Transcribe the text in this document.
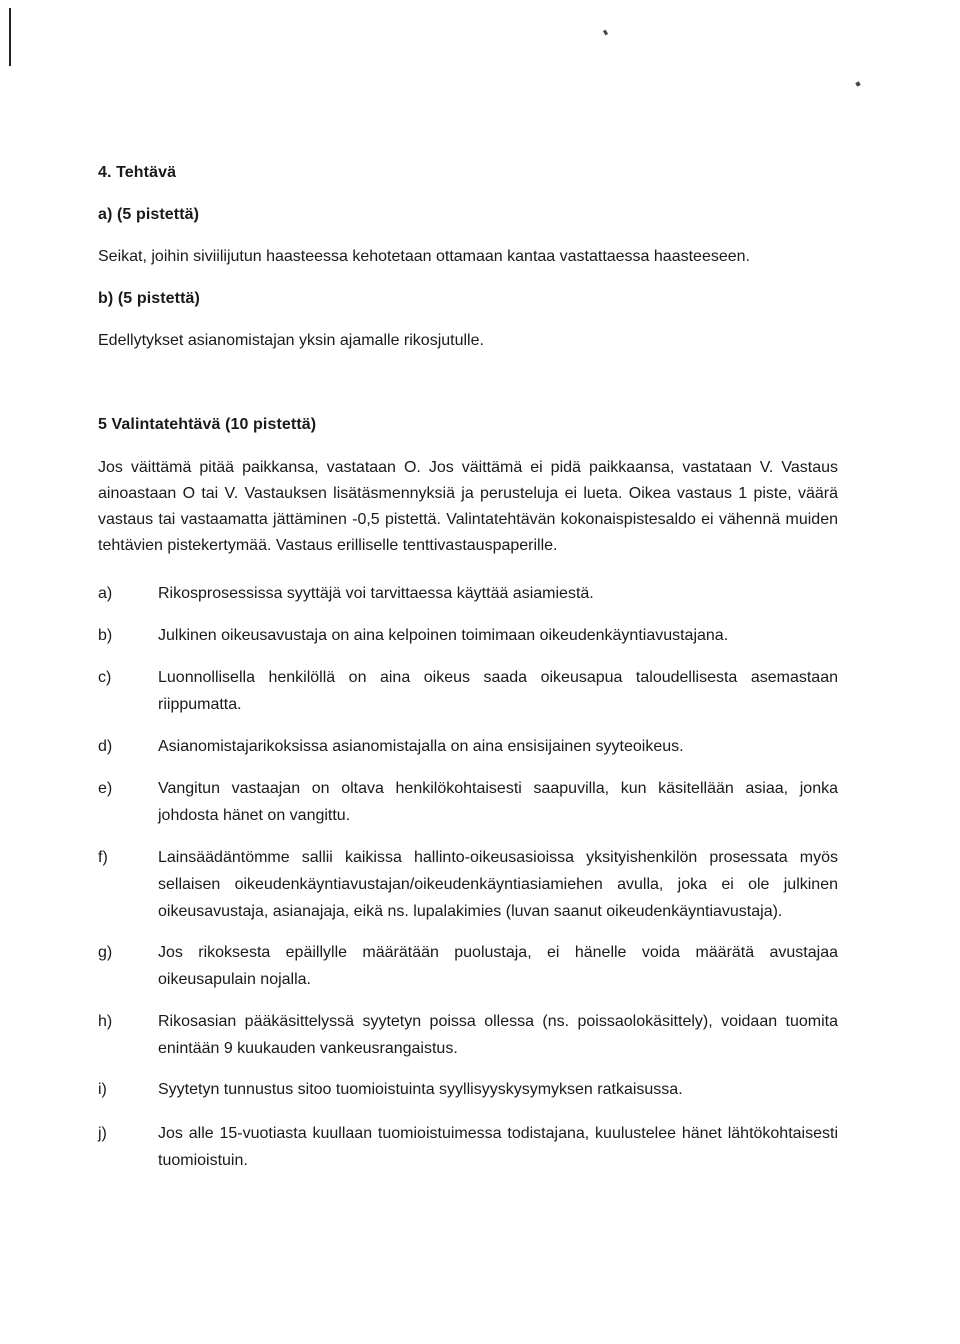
4. Tehtävä
a) (5 pistettä)
Seikat, joihin siviilijutun haasteessa kehotetaan ottamaan kantaa vastattaessa haasteeseen.
b) (5 pistettä)
Edellytykset asianomistajan yksin ajamalle rikosjutulle.
5 Valintatehtävä (10 pistettä)
Jos väittämä pitää paikkansa, vastataan O. Jos väittämä ei pidä paikkaansa, vastataan V. Vastaus ainoastaan O tai V. Vastauksen lisätäsmennyksiä ja perusteluja ei lueta. Oikea vastaus 1 piste, väärä vastaus tai vastaamatta jättäminen -0,5 pistettä. Valintatehtävän kokonaispistesaldo ei vähennä muiden tehtävien pistekertymää. Vastaus erilliselle tenttivastauspaperille.
a)	Rikosprosessissa syyttäjä voi tarvittaessa käyttää asiamiestä.
b)	Julkinen oikeusavustaja on aina kelpoinen toimimaan oikeudenkäyntiavustajana.
c)	Luonnollisella henkilöllä on aina oikeus saada oikeusapua taloudellisesta asemastaan riippumatta.
d)	Asianomistajarikoksissa asianomistajalla on aina ensisijainen syyteoikeus.
e)	Vangitun vastaajan on oltava henkilökohtaisesti saapuvilla, kun käsitellään asiaa, jonka johdosta hänet on vangittu.
f)	Lainsäädäntömme sallii kaikissa hallinto-oikeusasioissa yksityishenkilön prosessata myös sellaisen oikeudenkäyntiavustajan/oikeudenkäyntiasiamiehen avulla, joka ei ole julkinen oikeusavustaja, asianajaja, eikä ns. lupalakimies (luvan saanut oikeudenkäyntiavustaja).
g)	Jos rikoksesta epäillylle määrätään puolustaja, ei hänelle voida määrätä avustajaa oikeusapulain nojalla.
h)	Rikosasian pääkäsittelyssä syytetyn poissa ollessa (ns. poissaolokäsittely), voidaan tuomita enintään 9 kuukauden vankeusrangaistus.
i)	Syytetyn tunnustus sitoo tuomioistuinta syyllisyyskysymyksen ratkaisussa.
j)	Jos alle 15-vuotiasta kuullaan tuomioistuimessa todistajana, kuulustelee hänet lähtökohtaisesti tuomioistuin.
